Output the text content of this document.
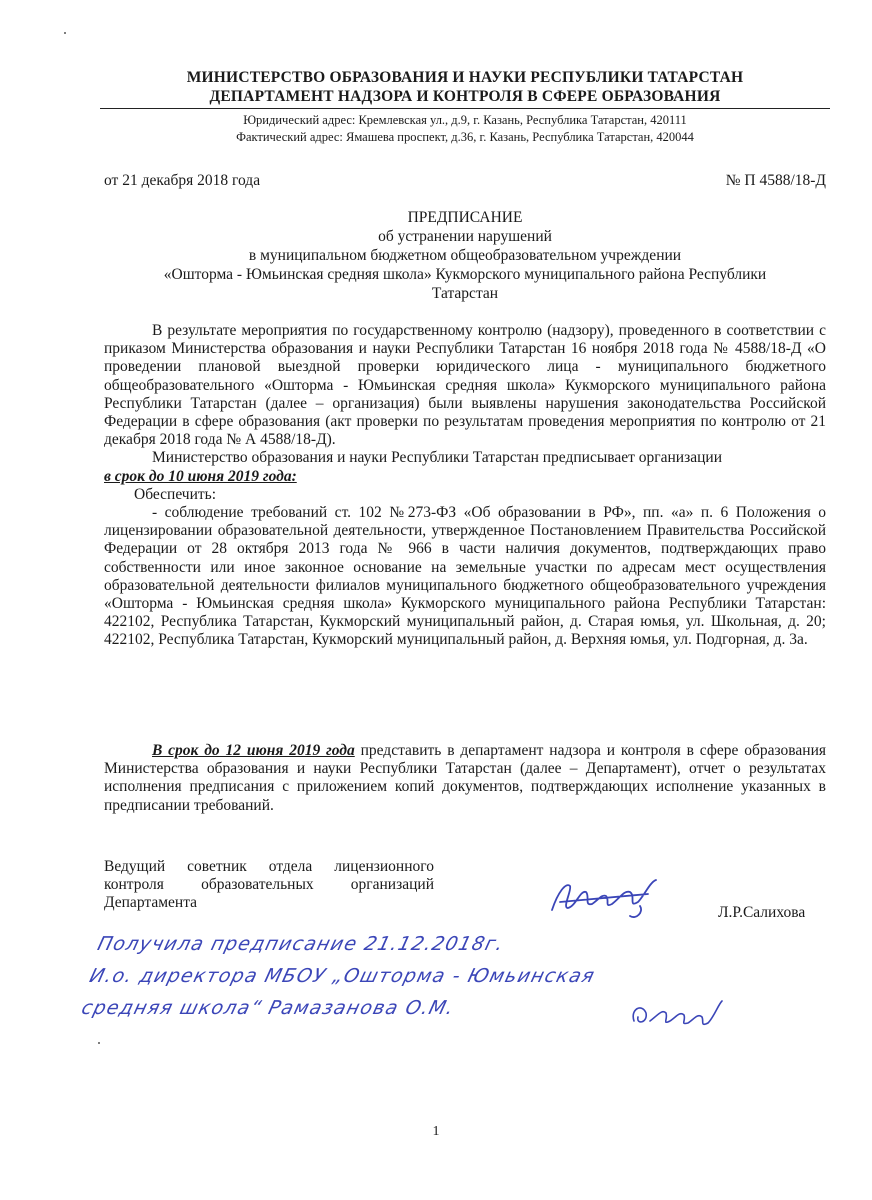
МИНИСТЕРСТВО ОБРАЗОВАНИЯ И НАУКИ РЕСПУБЛИКИ ТАТАРСТАН
ДЕПАРТАМЕНТ НАДЗОРА И КОНТРОЛЯ В СФЕРЕ ОБРАЗОВАНИЯ
Юридический адрес: Кремлевская ул., д.9, г. Казань, Республика Татарстан, 420111
Фактический адрес: Ямашева проспект, д.36, г. Казань, Республика Татарстан, 420044
от 21 декабря 2018 года	№ П 4588/18-Д
ПРЕДПИСАНИЕ
об устранении нарушений
в муниципальном бюджетном общеобразовательном учреждении
«Ошторма - Юмьинская средняя школа» Кукморского муниципального района Республики
Татарстан

В результате мероприятия по государственному контролю (надзору), проведенного в соответствии с приказом Министерства образования и науки Республики Татарстан 16 ноября 2018 года № 4588/18-Д «О проведении плановой выездной проверки юридического лица - муниципального бюджетного общеобразовательного «Ошторма - Юмьинская средняя школа» Кукморского муниципального района Республики Татарстан (далее – организация) были выявлены нарушения законодательства Российской Федерации в сфере образования (акт проверки по результатам проведения мероприятия по контролю от 21 декабря 2018 года № А 4588/18-Д).

Министерство образования и науки Республики Татарстан предписывает организации

в срок до 10 июня 2019 года:

Обеспечить:

- соблюдение требований ст. 102 №273-ФЗ «Об образовании в РФ», пп. «а» п. 6 Положения о лицензировании образовательной деятельности, утвержденное Постановлением Правительства Российской Федерации от 28 октября 2013 года № 966 в части наличия документов, подтверждающих право собственности или иное законное основание на земельные участки по адресам мест осуществления образовательной деятельности филиалов муниципального бюджетного общеобразовательного учреждения «Ошторма - Юмьинская средняя школа» Кукморского муниципального района Республики Татарстан: 422102, Республика Татарстан, Кукморский муниципальный район, д. Старая юмья, ул. Школьная, д. 20; 422102, Республика Татарстан, Кукморский муниципальный район, д. Верхняя юмья, ул. Подгорная, д. 3а.

В срок до 12 июня 2019 года представить в департамент надзора и контроля в сфере образования Министерства образования и науки Республики Татарстан (далее – Департамент), отчет о результатах исполнения предписания с приложением копий документов, подтверждающих исполнение указанных в предписании требований.

Ведущий советник отдела лицензионного контроля образовательных организаций Департамента
Л.Р.Салихова
Получила предписание 21.12.2018г.
И.о. директора МБОУ „Ошторма - Юмьинская
средняя школа“ Рамазанова О.М.
1
